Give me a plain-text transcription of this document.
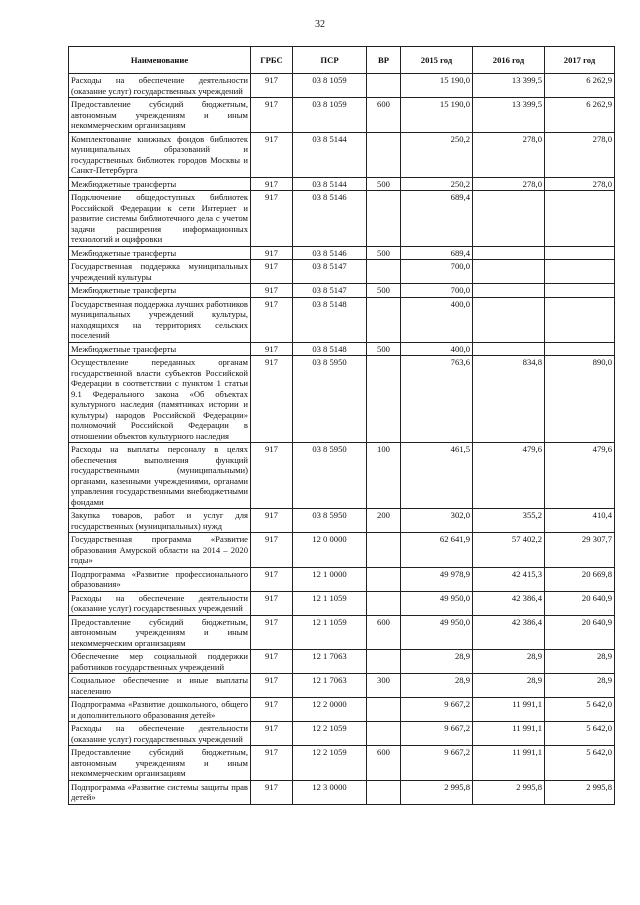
32
Наименование	ГРБС	ПСР	ВР	2015 год	2016 год	2017 год
Расходы на обеспечение деятельности (оказание услуг) государственных учреждений	917	03 8 1059		15 190,0	13 399,5	6 262,9
Предоставление субсидий бюджетным, автономным учреждениям и иным некоммерческим организациям	917	03 8 1059	600	15 190,0	13 399,5	6 262,9
Комплектование книжных фондов библиотек муниципальных образований и государственных библиотек городов Москвы и Санкт-Петербурга	917	03 8 5144		250,2	278,0	278,0
Межбюджетные трансферты	917	03 8 5144	500	250,2	278,0	278,0
Подключение общедоступных библиотек Российской Федерации к сети Интернет и развитие системы библиотечного дела с учетом задачи расширения информационных технологий и оцифровки	917	03 8 5146		689,4		
Межбюджетные трансферты	917	03 8 5146	500	689,4		
Государственная поддержка муниципальных учреждений культуры	917	03 8 5147		700,0		
Межбюджетные трансферты	917	03 8 5147	500	700,0		
Государственная поддержка лучших работников муниципальных учреждений культуры, находящихся на территориях сельских поселений	917	03 8 5148		400,0		
Межбюджетные трансферты	917	03 8 5148	500	400,0		
Осуществление переданных органам государственной власти субъектов Российской Федерации в соответствии с пунктом 1 статьи 9.1 Федерального закона «Об объектах культурного наследия (памятниках истории и культуры) народов Российской Федерации» полномочий Российской Федерации в отношении объектов культурного наследия	917	03 8 5950		763,6	834,8	890,0
Расходы на выплаты персоналу в целях обеспечения выполнения функций государственными (муниципальными) органами, казенными учреждениями, органами управления государственными внебюджетными фондами	917	03 8 5950	100	461,5	479,6	479,6
Закупка товаров, работ и услуг для государственных (муниципальных) нужд	917	03 8 5950	200	302,0	355,2	410,4
Государственная программа «Развитие образования Амурской области на 2014 – 2020 годы»	917	12 0 0000		62 641,9	57 402,2	29 307,7
Подпрограмма «Развитие профессионального образования»	917	12 1 0000		49 978,9	42 415,3	20 669,8
Расходы на обеспечение деятельности (оказание услуг) государственных учреждений	917	12 1 1059		49 950,0	42 386,4	20 640,9
Предоставление субсидий бюджетным, автономным учреждениям и иным некоммерческим организациям	917	12 1 1059	600	49 950,0	42 386,4	20 640,9
Обеспечение мер социальной поддержки работников государственных учреждений	917	12 1 7063		28,9	28,9	28,9
Социальное обеспечение и иные выплаты населению	917	12 1 7063	300	28,9	28,9	28,9
Подпрограмма «Развитие дошкольного, общего и дополнительного образования детей»	917	12 2 0000		9 667,2	11 991,1	5 642,0
Расходы на обеспечение деятельности (оказание услуг) государственных учреждений	917	12 2 1059		9 667,2	11 991,1	5 642,0
Предоставление субсидий бюджетным, автономным учреждениям и иным некоммерческим организациям	917	12 2 1059	600	9 667,2	11 991,1	5 642,0
Подпрограмма «Развитие системы защиты прав детей»	917	12 3 0000		2 995,8	2 995,8	2 995,8
